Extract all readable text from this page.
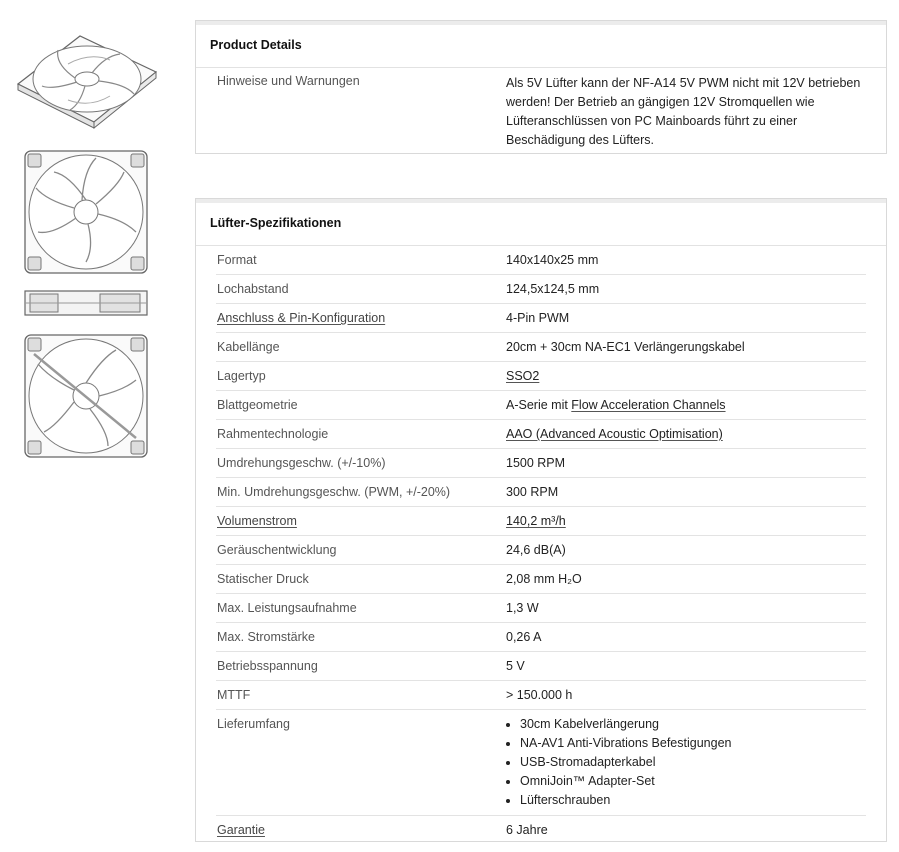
Product Details
Hinweise und Warnungen	Als 5V Lüfter kann der NF-A14 5V PWM nicht mit 12V betrieben werden! Der Betrieb an gängigen 12V Stromquellen wie Lüfteranschlüssen von PC Mainboards führt zu einer Beschädigung des Lüfters.
Lüfter-Spezifikationen
Format	140x140x25 mm
Lochabstand	124,5x124,5 mm
Anschluss & Pin-Konfiguration	4-Pin PWM
Kabellänge	20cm + 30cm NA-EC1 Verlängerungskabel
Lagertyp	SSO2
Blattgeometrie	A-Serie mit Flow Acceleration Channels
Rahmentechnologie	AAO (Advanced Acoustic Optimisation)
Umdrehungsgeschw. (+/-10%)	1500 RPM
Min. Umdrehungsgeschw. (PWM, +/-20%)	300 RPM
Volumenstrom	140,2 m³/h
Geräuschentwicklung	24,6 dB(A)
Statischer Druck	2,08 mm H₂O
Max. Leistungsaufnahme	1,3 W
Max. Stromstärke	0,26 A
Betriebsspannung	5 V
MTTF	> 150.000 h
Lieferumfang
•	30cm Kabelverlängerung
• NA-AV1 Anti-Vibrations Befestigungen
• USB-Stromadapterkabel
• OmniJoin™ Adapter-Set
• Lüfterschrauben
Garantie	6 Jahre
